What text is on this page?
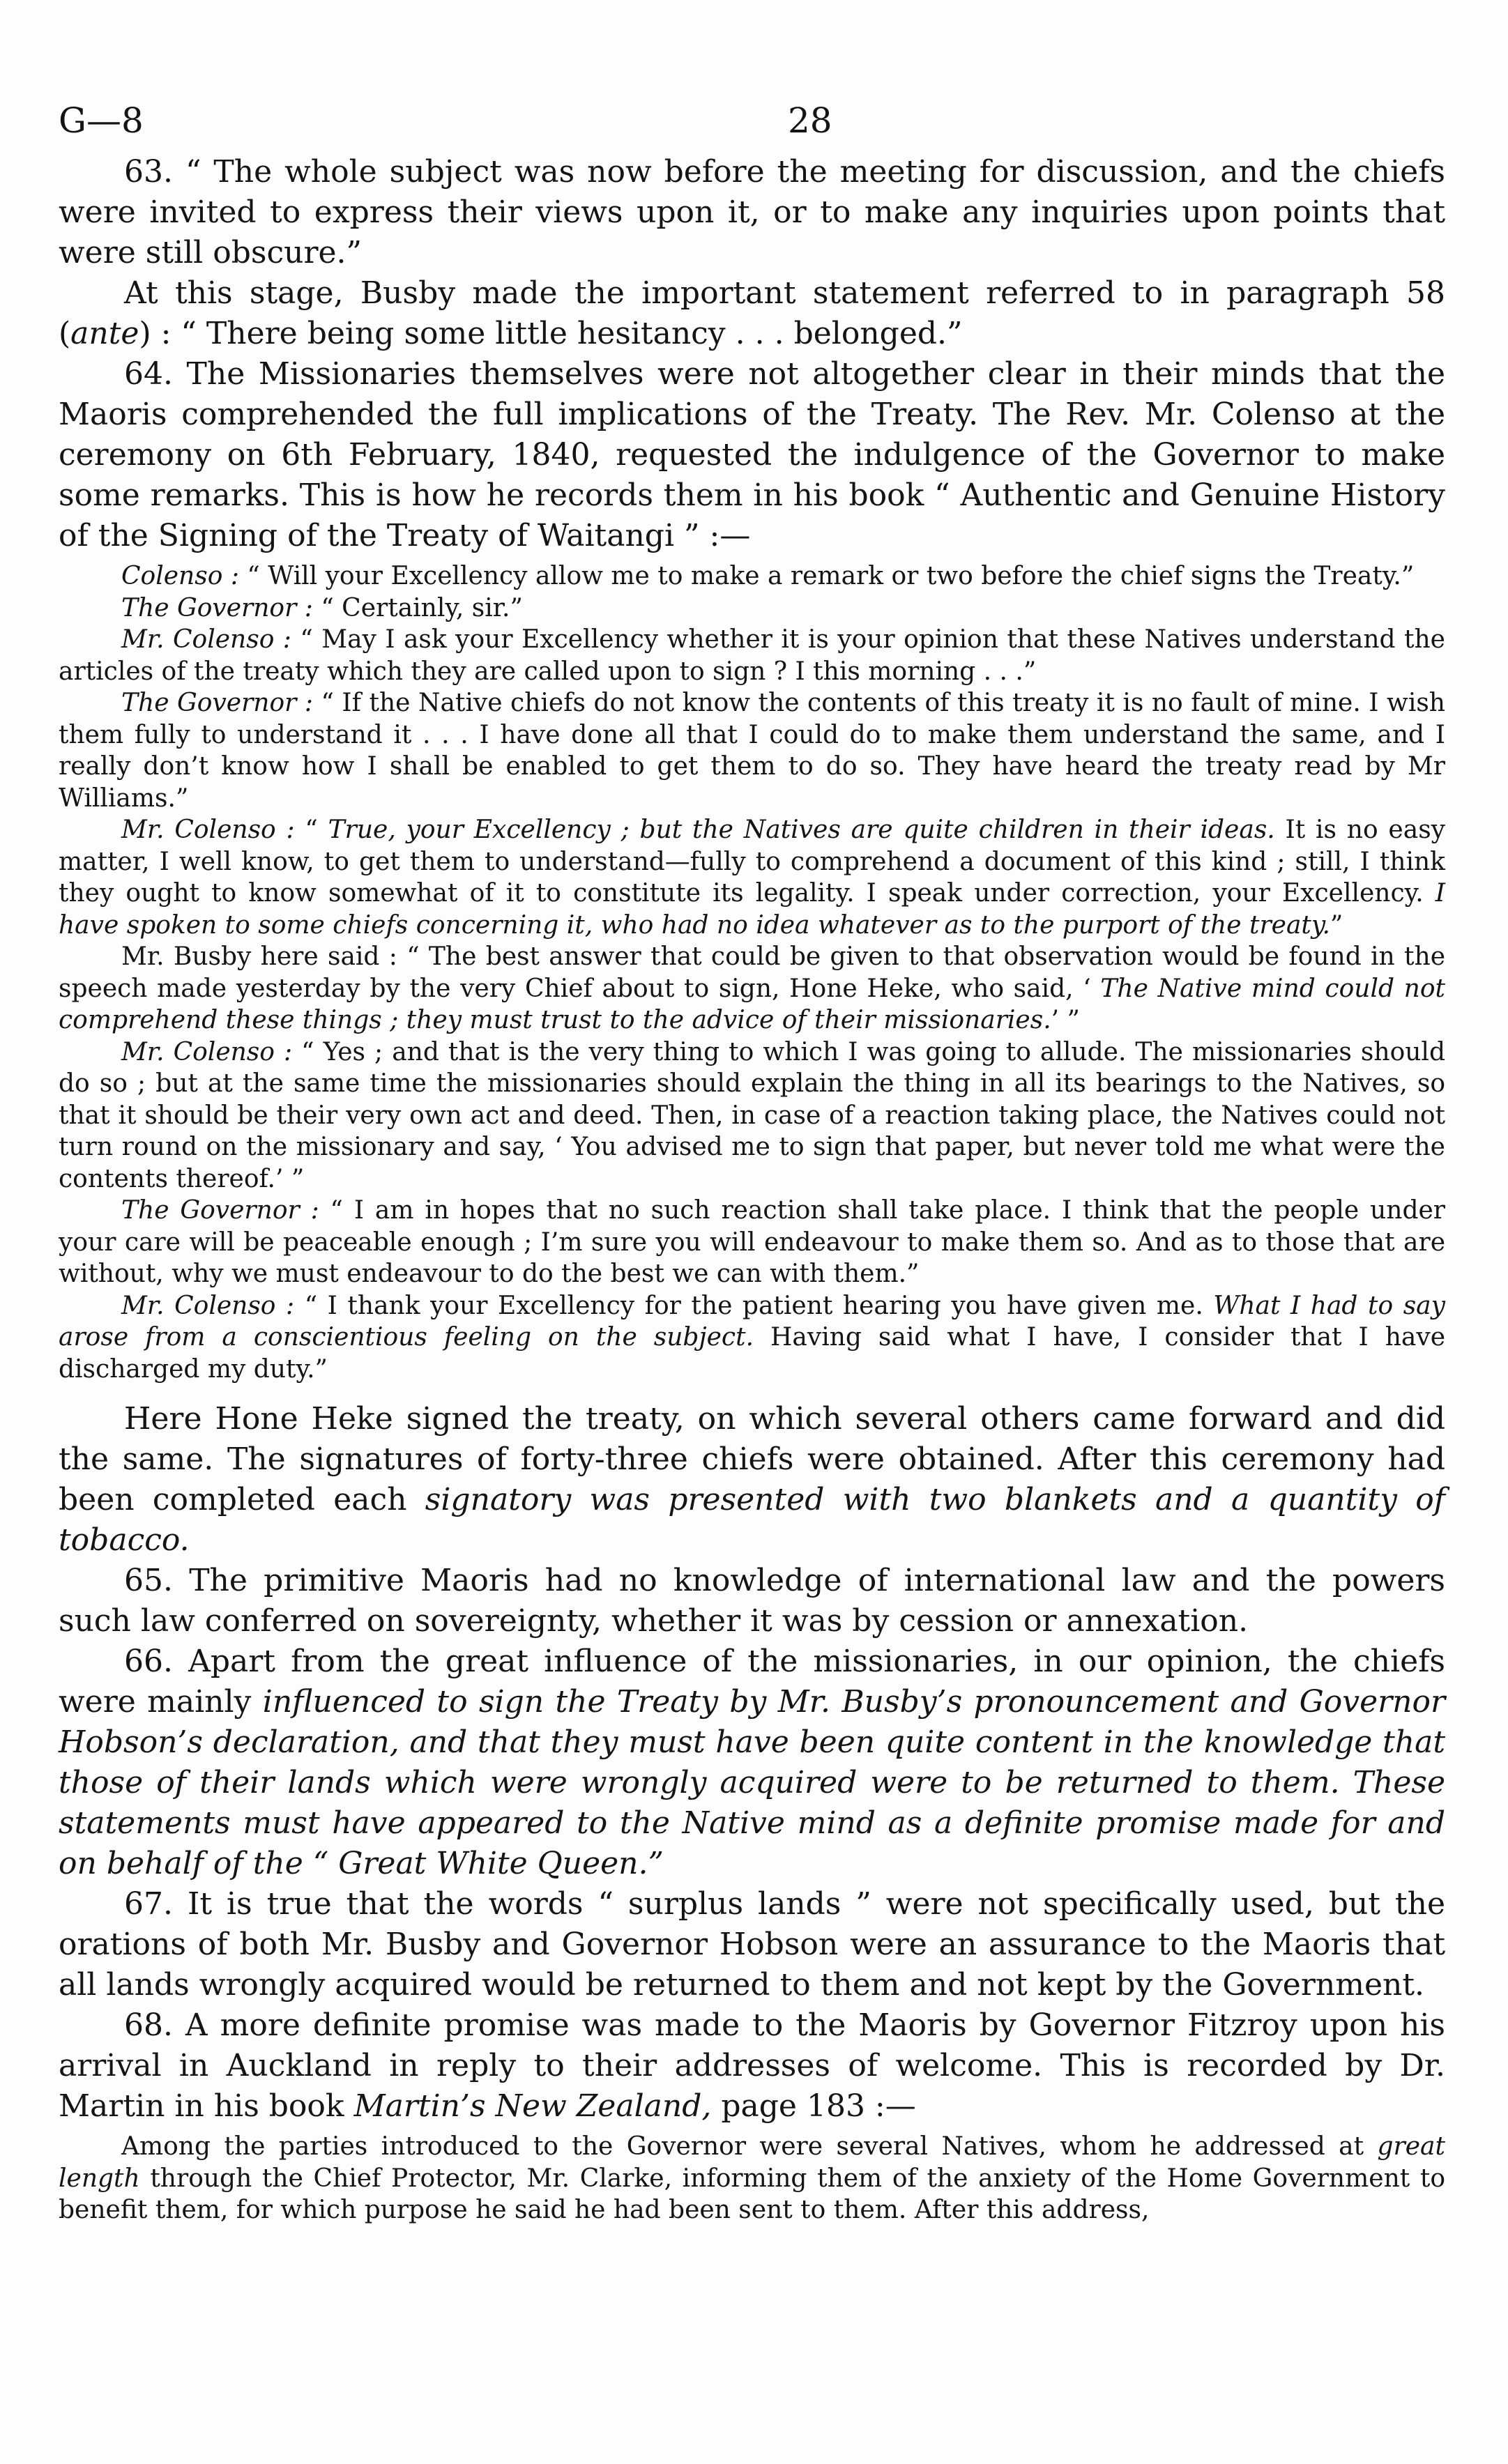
G—8	28

63. “ The whole subject was now before the meeting for discussion, and the chiefs were invited to express their views upon it, or to make any inquiries upon points that were still obscure.”

At this stage, Busby made the important statement referred to in paragraph 58 (ante) : “ There being some little hesitancy . . . belonged.”

64. The Missionaries themselves were not altogether clear in their minds that the Maoris comprehended the full implications of the Treaty. The Rev. Mr. Colenso at the ceremony on 6th February, 1840, requested the indulgence of the Governor to make some remarks. This is how he records them in his book “ Authentic and Genuine History of the Signing of the Treaty of Waitangi ” :—

Colenso : “ Will your Excellency allow me to make a remark or two before the chief signs the Treaty.”

The Governor : “ Certainly, sir.”

Mr. Colenso : “ May I ask your Excellency whether it is your opinion that these Natives understand the articles of the treaty which they are called upon to sign ? I this morning . . .”

The Governor : “ If the Native chiefs do not know the contents of this treaty it is no fault of mine. I wish them fully to understand it . . . I have done all that I could do to make them understand the same, and I really don’t know how I shall be enabled to get them to do so. They have heard the treaty read by Mr Williams.”

Mr. Colenso : “ True, your Excellency ; but the Natives are quite children in their ideas. It is no easy matter, I well know, to get them to understand—fully to comprehend a document of this kind ; still, I think they ought to know somewhat of it to constitute its legality. I speak under correction, your Excellency. I have spoken to some chiefs concerning it, who had no idea whatever as to the purport of the treaty.”

Mr. Busby here said : “ The best answer that could be given to that observation would be found in the speech made yesterday by the very Chief about to sign, Hone Heke, who said, ‘ The Native mind could not comprehend these things ; they must trust to the advice of their missionaries.’ ”

Mr. Colenso : “ Yes ; and that is the very thing to which I was going to allude. The missionaries should do so ; but at the same time the missionaries should explain the thing in all its bearings to the Natives, so that it should be their very own act and deed. Then, in case of a reaction taking place, the Natives could not turn round on the missionary and say, ‘ You advised me to sign that paper, but never told me what were the contents thereof.’ ”

The Governor : “ I am in hopes that no such reaction shall take place. I think that the people under your care will be peaceable enough ; I’m sure you will endeavour to make them so. And as to those that are without, why we must endeavour to do the best we can with them.”

Mr. Colenso : “ I thank your Excellency for the patient hearing you have given me. What I had to say arose from a conscientious feeling on the subject. Having said what I have, I consider that I have discharged my duty.”

Here Hone Heke signed the treaty, on which several others came forward and did the same. The signatures of forty-three chiefs were obtained. After this ceremony had been completed each signatory was presented with two blankets and a quantity of tobacco.

65. The primitive Maoris had no knowledge of international law and the powers such law conferred on sovereignty, whether it was by cession or annexation.

66. Apart from the great influence of the missionaries, in our opinion, the chiefs were mainly influenced to sign the Treaty by Mr. Busby’s pronouncement and Governor Hobson’s declaration, and that they must have been quite content in the knowledge that those of their lands which were wrongly acquired were to be returned to them. These statements must have appeared to the Native mind as a definite promise made for and on behalf of the “ Great White Queen.”

67. It is true that the words “ surplus lands ” were not specifically used, but the orations of both Mr. Busby and Governor Hobson were an assurance to the Maoris that all lands wrongly acquired would be returned to them and not kept by the Government.

68. A more definite promise was made to the Maoris by Governor Fitzroy upon his arrival in Auckland in reply to their addresses of welcome. This is recorded by Dr. Martin in his book Martin’s New Zealand, page 183 :—

Among the parties introduced to the Governor were several Natives, whom he addressed at great length through the Chief Protector, Mr. Clarke, informing them of the anxiety of the Home Government to benefit them, for which purpose he said he had been sent to them. After this address,
